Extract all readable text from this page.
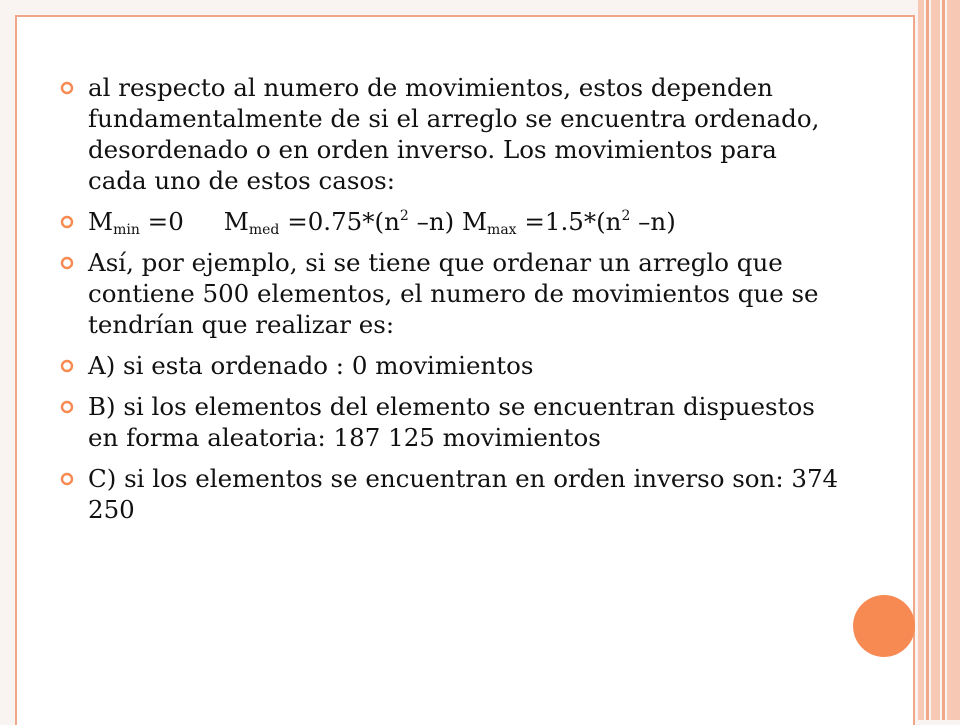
al respecto al numero de movimientos, estos dependen fundamentalmente de si el arreglo se encuentra ordenado, desordenado o en orden inverso. Los movimientos para cada uno de estos casos:
$M_{min} =0$ $M_{med} =0.75*(n^2$ –n) $M_{max} =1.5*(n^2$ –n)
Así, por ejemplo, si se tiene que ordenar un arreglo que contiene 500 elementos, el numero de movimientos que se tendrían que realizar es:
A) si esta ordenado : 0 movimientos
B) si los elementos del elemento se encuentran dispuestos en forma aleatoria: 187 125 movimientos
C) si los elementos se encuentran en orden inverso son: 374 250
